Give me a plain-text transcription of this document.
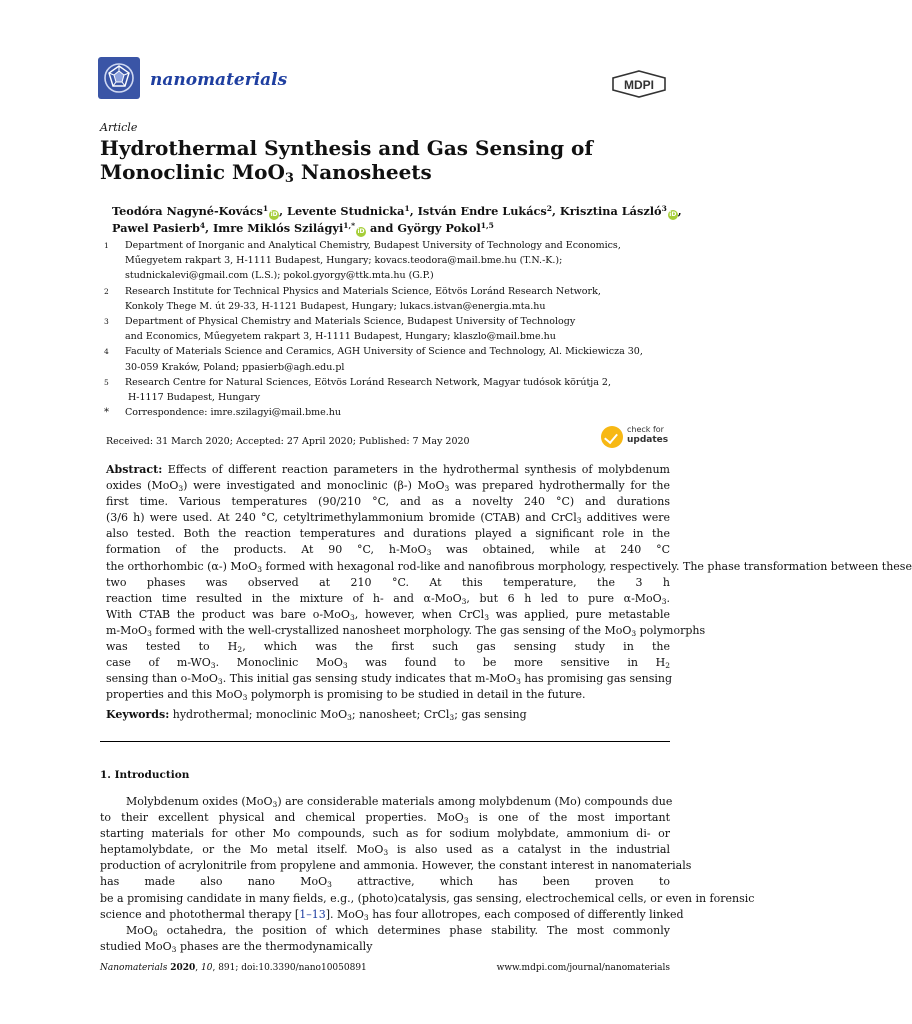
nanomaterials	MDPI
Article
Hydrothermal Synthesis and Gas Sensing of
Monoclinic MoO$_3$ Nanosheets
Teodóra Nagyné-Kovács$^1$iD, Levente Studnicka$^1$, István Endre Lukács$^2$, Krisztina László$^3$iD,
Pawel Pasierb$^4$, Imre Miklós Szilágyi$^{1,*}$iD and György Pokol$^{1,5}$
1	Department of Inorganic and Analytical Chemistry, Budapest University of Technology and Economics,
Műegyetem rakpart 3, H-1111 Budapest, Hungary; kovacs.teodora@mail.bme.hu (T.N.-K.);
studnickalevi@gmail.com (L.S.); pokol.gyorgy@ttk.mta.hu (G.P.)
2	Research Institute for Technical Physics and Materials Science, Eötvös Loránd Research Network,
Konkoly Thege M. út 29-33, H-1121 Budapest, Hungary; lukacs.istvan@energia.mta.hu
3	Department of Physical Chemistry and Materials Science, Budapest University of Technology
and Economics, Műegyetem rakpart 3, H-1111 Budapest, Hungary; klaszlo@mail.bme.hu
4	Faculty of Materials Science and Ceramics, AGH University of Science and Technology, Al. Mickiewicza 30,
30-059 Kraków, Poland; ppasierb@agh.edu.pl
5	Research Centre for Natural Sciences, Eötvös Loránd Research Network, Magyar tudósok körútja 2,
H-1117 Budapest, Hungary
*	Correspondence: imre.szilagyi@mail.bme.hu
Received: 31 March 2020; Accepted: 27 April 2020; Published: 7 May 2020
check for
updates
Abstract: Effects of different reaction parameters in the hydrothermal synthesis of molybdenum
oxides (MoO$_3$) were investigated and monoclinic (β-) MoO$_3$ was prepared hydrothermally for the
first time. Various temperatures (90/210 °C, and as a novelty 240 °C) and durations
(3/6 h) were used. At 240 °C, cetyltrimethylammonium bromide (CTAB) and CrCl$_3$ additives were
also tested. Both the reaction temperatures and durations played a significant role in the
formation of the products. At 90 °C, h-MoO$_3$ was obtained, while at 240 °C
the orthorhombic (α-) MoO$_3$ formed with hexagonal rod-like and nanofibrous morphology, respectively. The phase transformation between these
two phases was observed at 210 °C. At this temperature, the 3 h
reaction time resulted in the mixture of h- and α-MoO$_3$, but 6 h led to pure α-MoO$_3$.
With CTAB the product was bare o-MoO$_3$, however, when CrCl$_3$ was applied, pure metastable
m-MoO$_3$ formed with the well-crystallized nanosheet morphology. The gas sensing of the MoO$_3$ polymorphs
was tested to $H_2$, which was the first such gas sensing study in the
case of $m-WO_3$. Monoclinic MoO$_3$ was found to be more sensitive in $H_2$
sensing than o-MoO$_3$. This initial gas sensing study indicates that m-MoO$_3$ has promising gas sensing
properties and this MoO$_3$ polymorph is promising to be studied in detail in the future.
Keywords: hydrothermal; monoclinic MoO$_3$; nanosheet; CrCl$_3$; gas sensing
1. Introduction
Molybdenum oxides (MoO$_3$) are considerable materials among molybdenum (Mo) compounds due
to their excellent physical and chemical properties. MoO$_3$ is one of the most important
starting materials for other Mo compounds, such as for sodium molybdate, ammonium di- or
heptamolybdate, or the Mo metal itself. MoO$_3$ is also used as a catalyst in the industrial
production of acrylonitrile from propylene and ammonia. However, the constant interest in nanomaterials
has made also nano MoO$_3$ attractive, which has been proven to
be a promising candidate in many fields, e.g., (photo)catalysis, gas sensing, electrochemical cells, or even in forensic
science and photothermal therapy [1–13]. MoO$_3$ has four allotropes, each composed of differently linked
MoO$_6$ octahedra, the position of which determines phase stability. The most commonly
studied MoO$_3$ phases are the thermodynamically
Nanomaterials 2020, 10, 891; doi:10.3390/nano10050891	www.mdpi.com/journal/nanomaterials
